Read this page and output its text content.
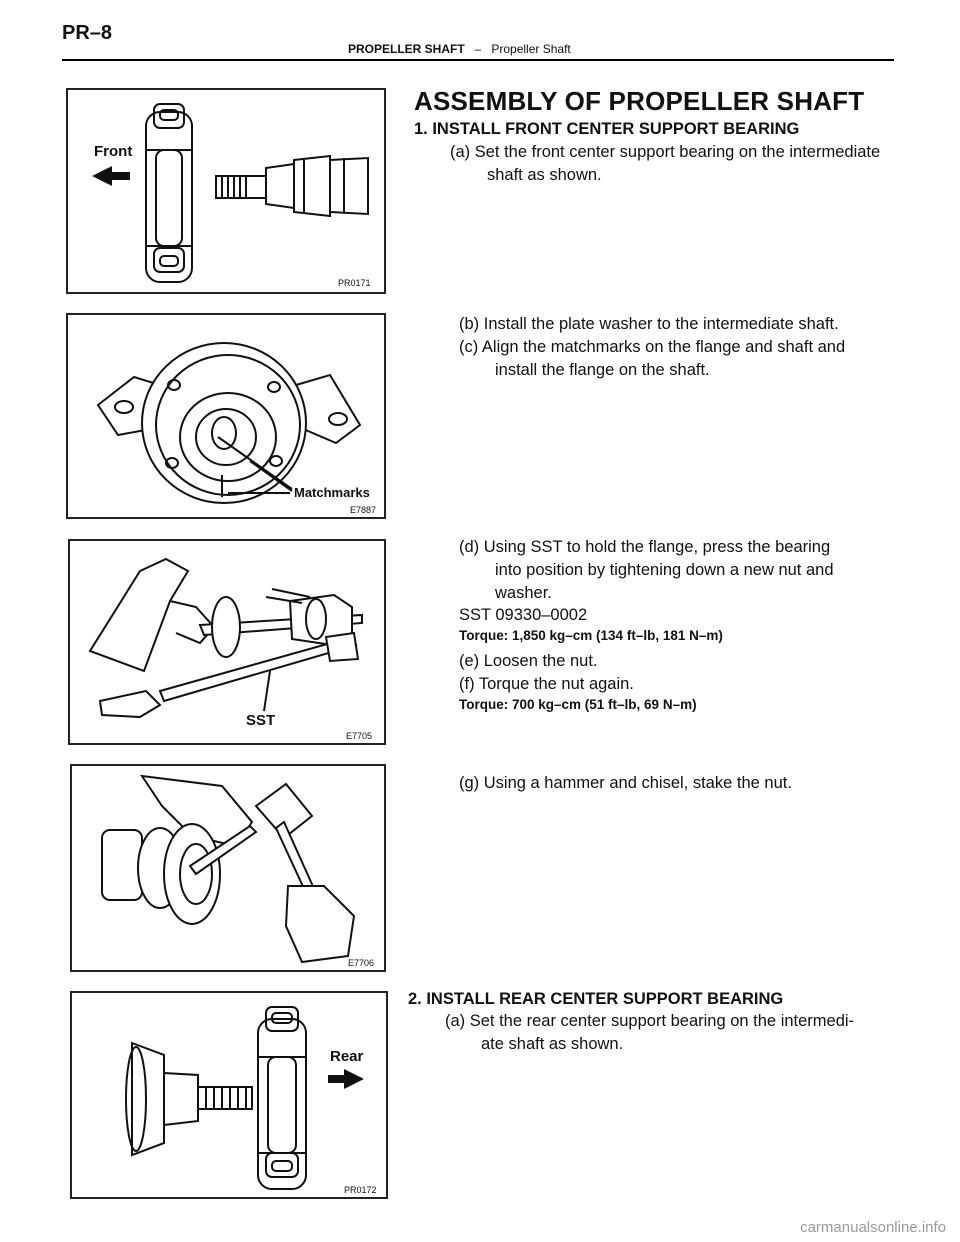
PR–8
PROPELLER SHAFT – Propeller Shaft
ASSEMBLY OF PROPELLER SHAFT
1. INSTALL FRONT CENTER SUPPORT BEARING
(a) Set the front center support bearing on the intermediate
shaft as shown.
(b) Install the plate washer to the intermediate shaft.
(c) Align the matchmarks on the flange and shaft and
install the flange on the shaft.
(d) Using SST to hold the flange, press the bearing
into position by tightening down a new nut and
washer.
SST 09330–0002
Torque: 1,850 kg–cm (134 ft–lb, 181 N–m)
(e) Loosen the nut.
(f) Torque the nut again.
Torque: 700 kg–cm (51 ft–lb, 69 N–m)
(g) Using a hammer and chisel, stake the nut.
2. INSTALL REAR CENTER SUPPORT BEARING
(a) Set the rear center support bearing on the intermedi-
ate shaft as shown.
Front
PR0171
Matchmarks
E7887
SST
E7705
E7706
Rear
PR0172
carmanualsonline.info
